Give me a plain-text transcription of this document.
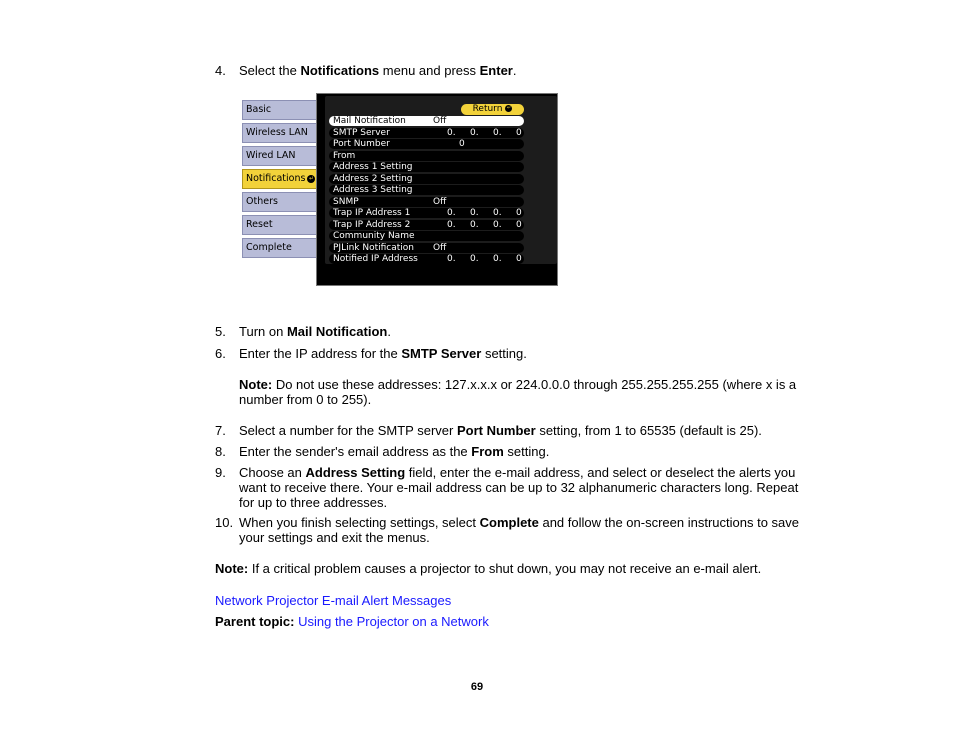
4. Select the Notifications menu and press Enter.
Basic
Wireless LAN
Wired LAN
Notifications ↵
Others
Reset
Complete
Return ↵
Mail Notification	Off
SMTP Server	0. 0. 0. 0
Port Number	0
From
Address 1 Setting
Address 2 Setting
Address 3 Setting
SNMP	Off
Trap IP Address 1	0. 0. 0. 0
Trap IP Address 2	0. 0. 0. 0
Community Name
PJLink Notification Off
Notified IP Address	0. 0. 0. 0
5. Turn on Mail Notification.
6. Enter the IP address for the SMTP Server setting.
Note: Do not use these addresses: 127.x.x.x or 224.0.0.0 through 255.255.255.255 (where x is a number from 0 to 255).
7. Select a number for the SMTP server Port Number setting, from 1 to 65535 (default is 25).
8. Enter the sender's email address as the From setting.
9. Choose an Address Setting field, enter the e-mail address, and select or deselect the alerts you want to receive there. Your e-mail address can be up to 32 alphanumeric characters long. Repeat for up to three addresses.
10. When you finish selecting settings, select Complete and follow the on-screen instructions to save your settings and exit the menus.
Note: If a critical problem causes a projector to shut down, you may not receive an e-mail alert.
Network Projector E-mail Alert Messages
Parent topic: Using the Projector on a Network
69
